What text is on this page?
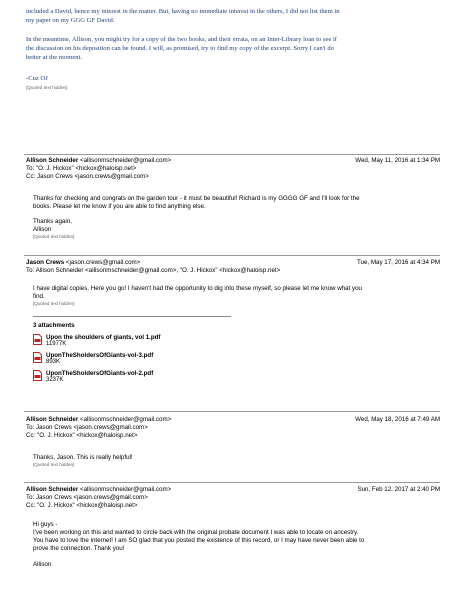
included a David, hence my interest in the matter. But, having no immediate interest in the others, I did not list them in

my paper on my GGG GF David.

In the meantime, Allison, you might try for a copy of the two books, and their errata, on an Inter-Library loan to see if

the discussion on his deposition can be found. I will, as promised, try to find my copy of the excerpt. Sorry I can't do

better at the moment.

-Cuz OJ

[Quoted text hidden]

Allison Schneider <allisonmschneider@gmail.com>	Wed, May 11, 2016 at 1:34 PM
To: "O. J. Hickox" <hickox@haloisp.net>
Cc: Jason Crews <jason.crews@gmail.com>
Thanks for checking and congrats on the garden tour - it must be beautiful! Richard is my GGGG GF and I'll look for the
books. Please let me know if you are able to find anything else.
Thanks again,
Allison
[Quoted text hidden]
Jason Crews <jason.crews@gmail.com>	Tue, May 17, 2016 at 4:34 PM
To: Allison Schneider <allisonmschneider@gmail.com>, "O. J. Hickox" <hickox@haloisp.net>
I have digital copies. Here you go! I haven't had the opportunity to dig into these myself, so please let me know what you
find.
[Quoted text hidden]
3 attachments
Upon the shoulders of giants, vol 1.pdf
11977K
UponTheSholdersOfGiants-vol-3.pdf
893K
UponTheSholdersOfGiants-vol-2.pdf
3237K
Allison Schneider <allisonmschneider@gmail.com>	Wed, May 18, 2016 at 7:49 AM
To: Jason Crews <jason.crews@gmail.com>
Cc: "O. J. Hickox" <hickox@haloisp.net>
Thanks, Jason. This is really helpful!
[Quoted text hidden]
Allison Schneider <allisonmschneider@gmail.com>	Sun, Feb 12, 2017 at 2:40 PM
To: Jason Crews <jason.crews@gmail.com>
Cc: "O. J. Hickox" <hickox@haloisp.net>
Hi guys -
I've been working on this and wanted to circle back with the original probate document I was able to locate on ancestry.
You have to love the internet! I am SO glad that you posted the existence of this record, or I may have never been able to
prove the connection. Thank you!
Allison
